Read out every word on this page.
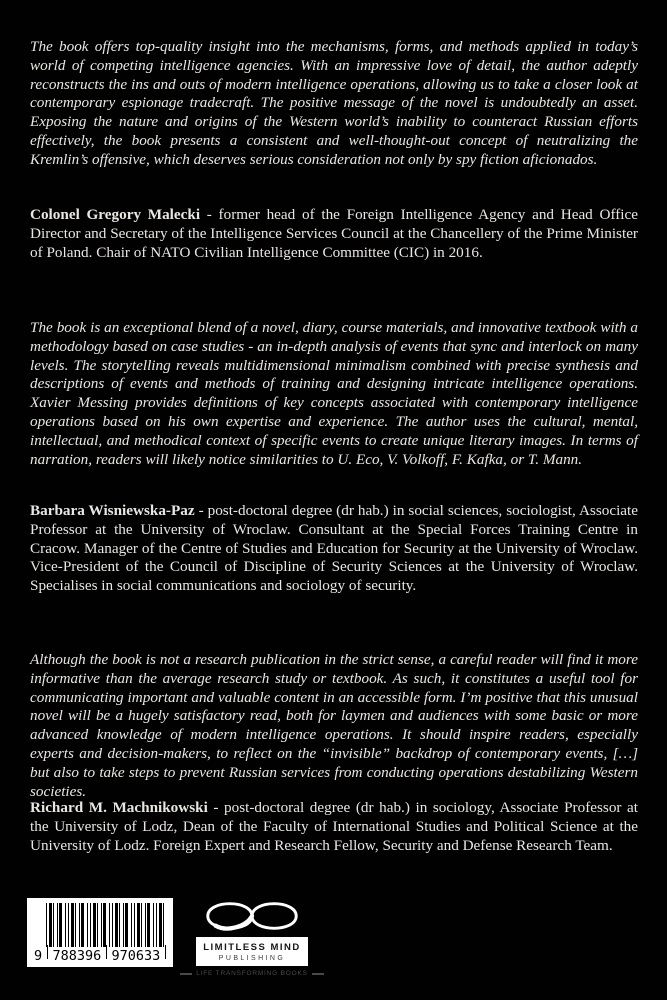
The book offers top-quality insight into the mechanisms, forms, and methods applied in today’s world of competing intelligence agencies. With an impressive love of detail, the author adeptly reconstructs the ins and outs of modern intelligence operations, allowing us to take a closer look at contemporary espionage tradecraft. The positive message of the novel is undoubtedly an asset. Exposing the nature and origins of the Western world’s inability to counteract Russian efforts effectively, the book presents a consistent and well-thought-out concept of neutralizing the Kremlin’s offensive, which deserves serious consideration not only by spy fiction aficionados.

Colonel Gregory Malecki - former head of the Foreign Intelligence Agency and Head Office Director and Secretary of the Intelligence Services Council at the Chancellery of the Prime Minister of Poland. Chair of NATO Civilian Intelligence Committee (CIC) in 2016.

The book is an exceptional blend of a novel, diary, course materials, and innovative textbook with a methodology based on case studies - an in-depth analysis of events that sync and interlock on many levels. The storytelling reveals multidimensional minimalism combined with precise synthesis and descriptions of events and methods of training and designing intricate intelligence operations. Xavier Messing provides definitions of key concepts associated with contemporary intelligence operations based on his own expertise and experience. The author uses the cultural, mental, intellectual, and methodical context of specific events to create unique literary images. In terms of narration, readers will likely notice similarities to U. Eco, V. Volkoff, F. Kafka, or T. Mann.

Barbara Wisniewska-Paz - post-doctoral degree (dr hab.) in social sciences, sociologist, Associate Professor at the University of Wroclaw. Consultant at the Special Forces Training Centre in Cracow. Manager of the Centre of Studies and Education for Security at the University of Wroclaw. Vice-President of the Council of Discipline of Security Sciences at the University of Wroclaw. Specialises in social communications and sociology of security.

Although the book is not a research publication in the strict sense, a careful reader will find it more informative than the average research study or textbook. As such, it constitutes a useful tool for communicating important and valuable content in an accessible form. I’m positive that this unusual novel will be a hugely satisfactory read, both for laymen and audiences with some basic or more advanced knowledge of modern intelligence operations. It should inspire readers, especially experts and decision-makers, to reflect on the “invisible” backdrop of contemporary events, […] but also to take steps to prevent Russian services from conducting operations destabilizing Western societies.

Richard M. Machnikowski - post-doctoral degree (dr hab.) in sociology, Associate Professor at the University of Lodz, Dean of the Faculty of International Studies and Political Science at the University of Lodz. Foreign Expert and Research Fellow, Security and Defense Research Team.

9 788396 970633
LIMITLESS MIND
PUBLISHING
LIFE TRANSFORMING BOOKS
